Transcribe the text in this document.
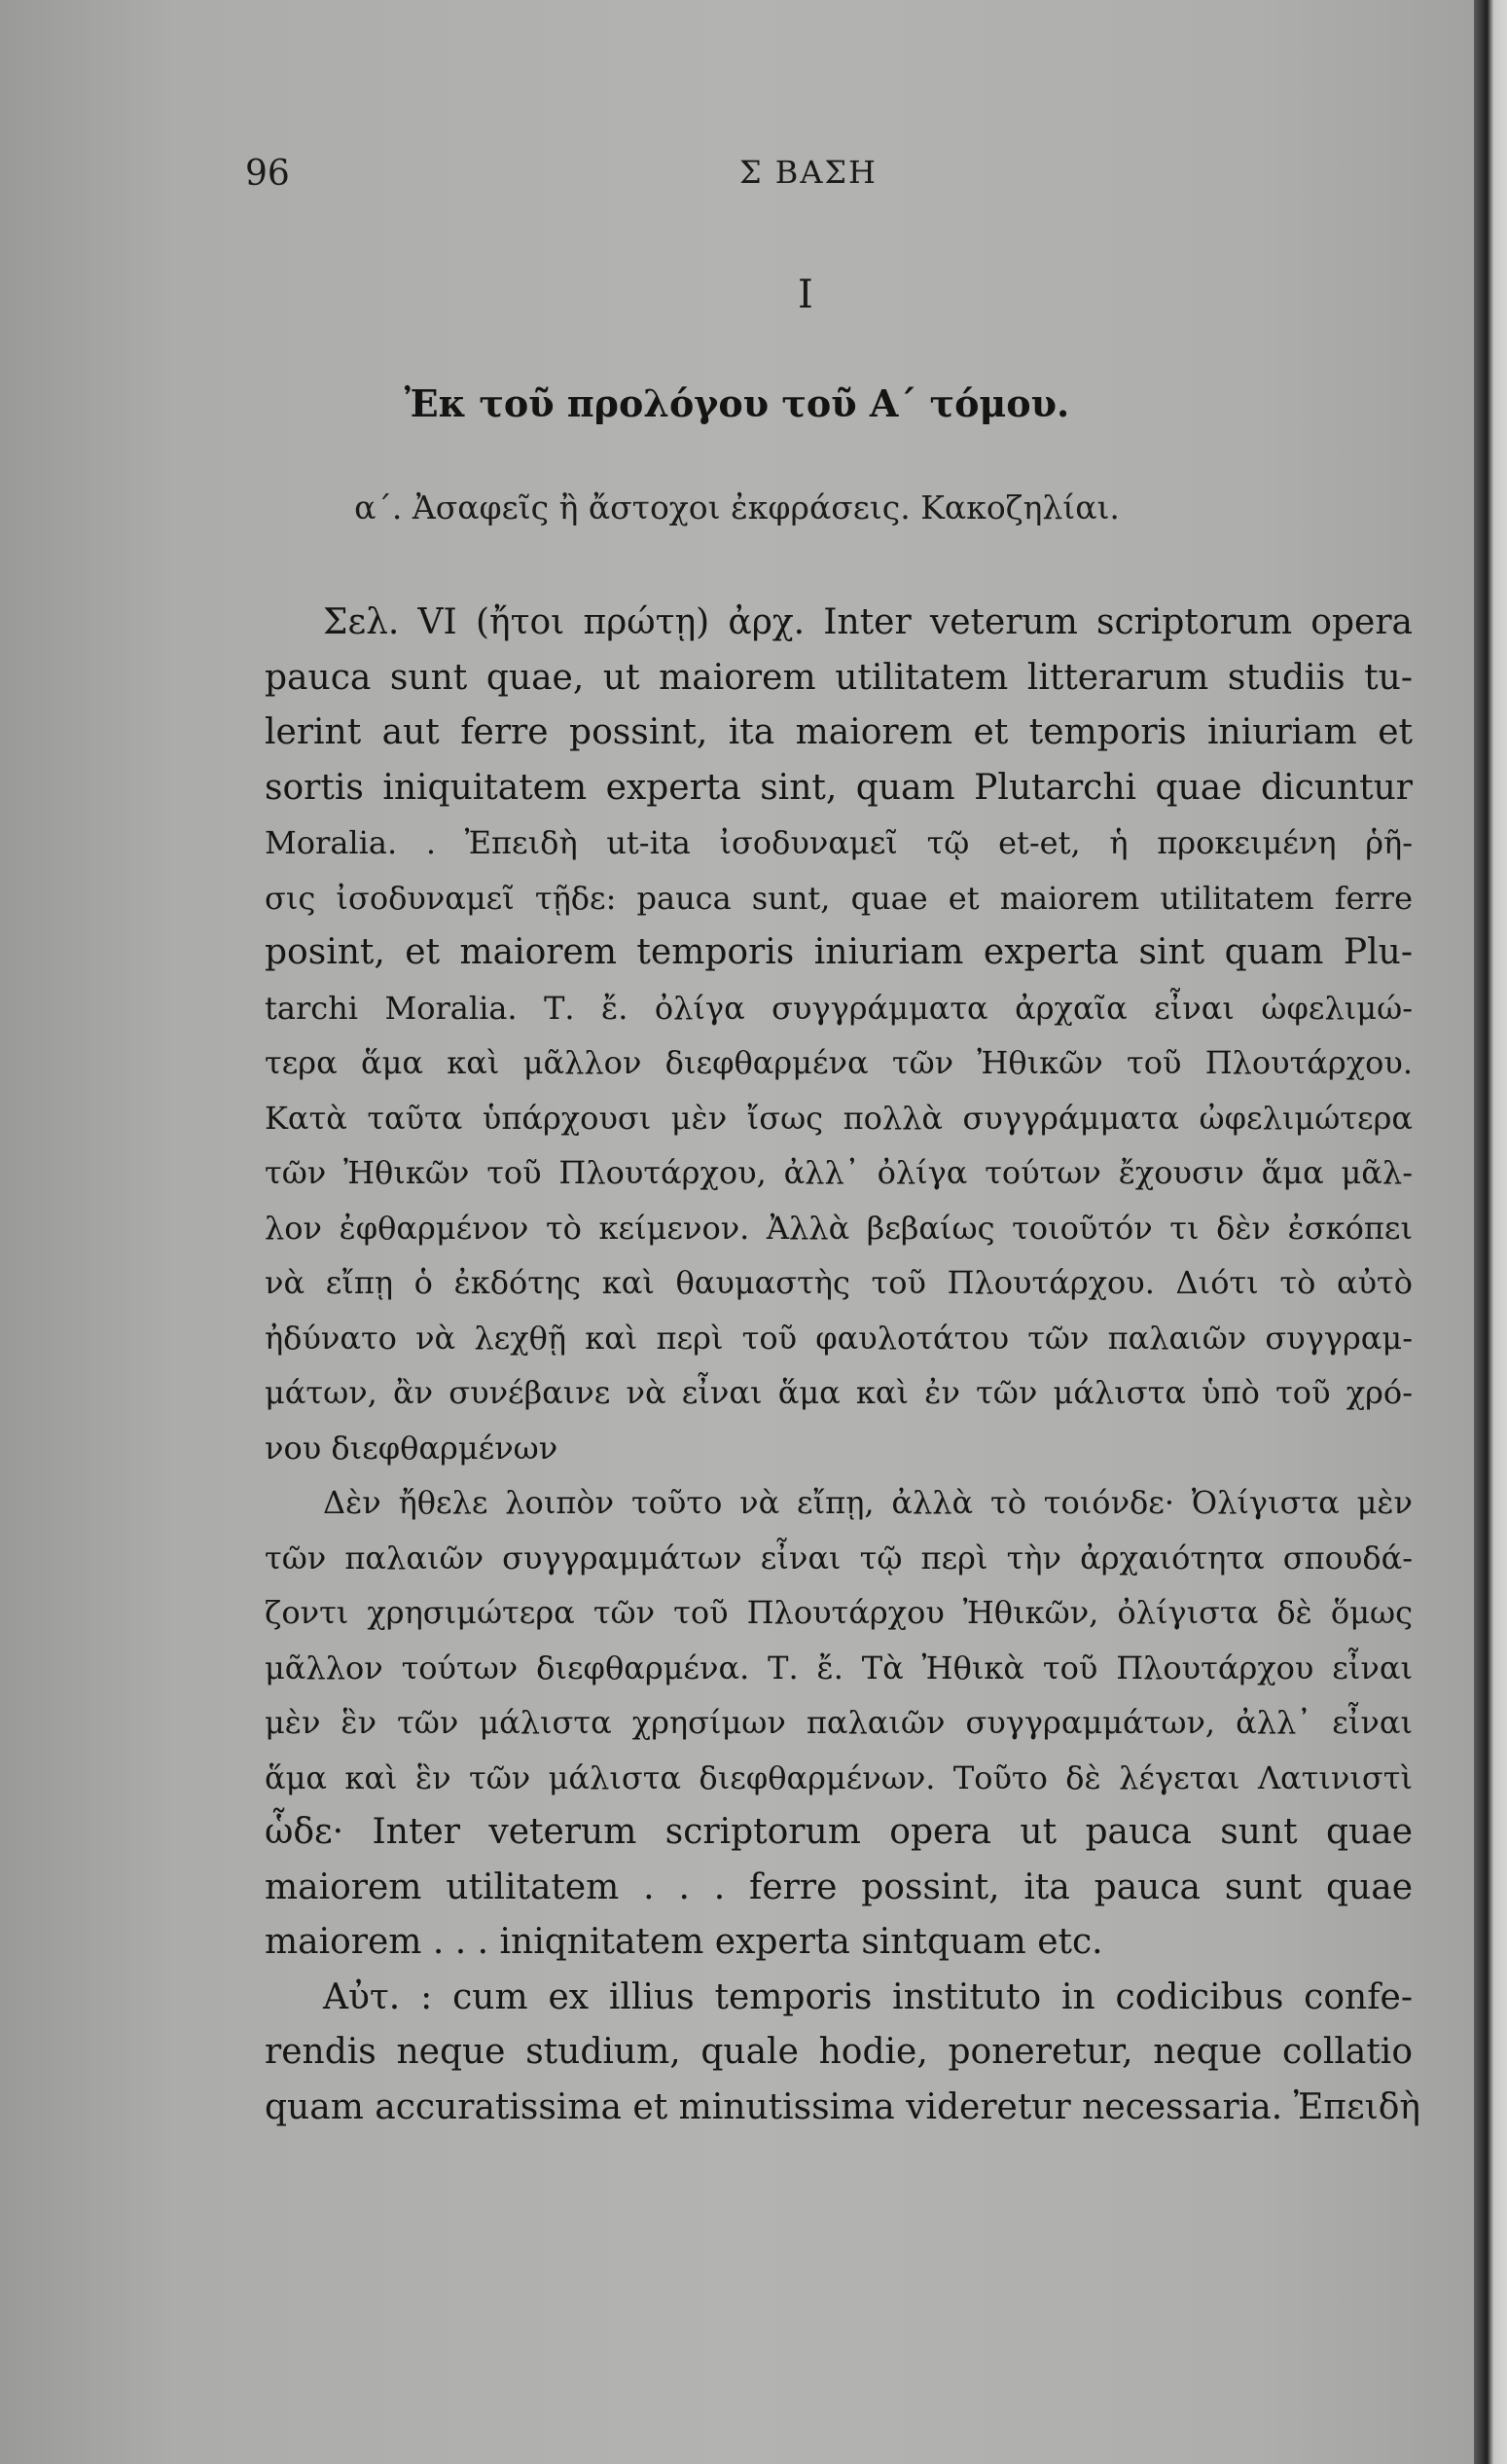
96	Σ ΒΑΣΗ
I
Ἐκ τοῦ προλόγου τοῦ Α΄ τόμου.
α΄. Ἀσαφεῖς ἢ ἄστοχοι ἐκφράσεις. Κακοζηλίαι.
Σελ. VI (ἤτοι πρώτῃ) ἀρχ. Inter veterum scriptorum opera
pauca sunt quae, ut maiorem utilitatem litterarum studiis tu-
lerint aut ferre possint, ita maiorem et temporis iniuriam et
sortis iniquitatem experta sint, quam Plutarchi quae dicuntur
Moralia. . Ἐπειδὴ ut-ita ἰσοδυναμεῖ τῷ et-et, ἡ προκειμένη ῥῆ-
σις ἰσοδυναμεῖ τῇδε: pauca sunt, quae et maiorem utilitatem ferre
posint, et maiorem temporis iniuriam experta sint quam Plu-
tarchi Moralia. Τ. ἔ. ὀλίγα συγγράμματα ἀρχαῖα εἶναι ὠφελιμώ-
τερα ἅμα καὶ μᾶλλον διεφθαρμένα τῶν Ἠθικῶν τοῦ Πλουτάρχου.
Κατὰ ταῦτα ὑπάρχουσι μὲν ἴσως πολλὰ συγγράμματα ὠφελιμώτερα
τῶν Ἠθικῶν τοῦ Πλουτάρχου, ἀλλ᾽ ὀλίγα τούτων ἔχουσιν ἅμα μᾶλ-
λον ἐφθαρμένον τὸ κείμενον. Ἀλλὰ βεβαίως τοιοῦτόν τι δὲν ἐσκόπει
νὰ εἴπῃ ὁ ἐκδότης καὶ θαυμαστὴς τοῦ Πλουτάρχου. Διότι τὸ αὐτὸ
ἠδύνατο νὰ λεχθῇ καὶ περὶ τοῦ φαυλοτάτου τῶν παλαιῶν συγγραμ-
μάτων, ἂν συνέβαινε νὰ εἶναι ἅμα καὶ ἐν τῶν μάλιστα ὑπὸ τοῦ χρό-
νου διεφθαρμένων
Δὲν ἤθελε λοιπὸν τοῦτο νὰ εἴπῃ, ἀλλὰ τὸ τοιόνδε· Ὀλίγιστα μὲν
τῶν παλαιῶν συγγραμμάτων εἶναι τῷ περὶ τὴν ἀρχαιότητα σπουδά-
ζοντι χρησιμώτερα τῶν τοῦ Πλουτάρχου Ἠθικῶν, ὀλίγιστα δὲ ὅμως
μᾶλλον τούτων διεφθαρμένα. Τ. ἔ. Τὰ Ἠθικὰ τοῦ Πλουτάρχου εἶναι
μὲν ἓν τῶν μάλιστα χρησίμων παλαιῶν συγγραμμάτων, ἀλλ᾽ εἶναι
ἅμα καὶ ἓν τῶν μάλιστα διεφθαρμένων. Τοῦτο δὲ λέγεται Λατινιστὶ
ὧδε· Inter veterum scriptorum opera ut pauca sunt quae
maiorem utilitatem . . . ferre possint, ita pauca sunt quae
maiorem . . . iniqnitatem experta sintquam etc.
Αὐτ. : cum ex illius temporis instituto in codicibus confe-
rendis neque studium, quale hodie, poneretur, neque collatio
quam accuratissima et minutissima videretur necessaria. Ἐπειδὴ
